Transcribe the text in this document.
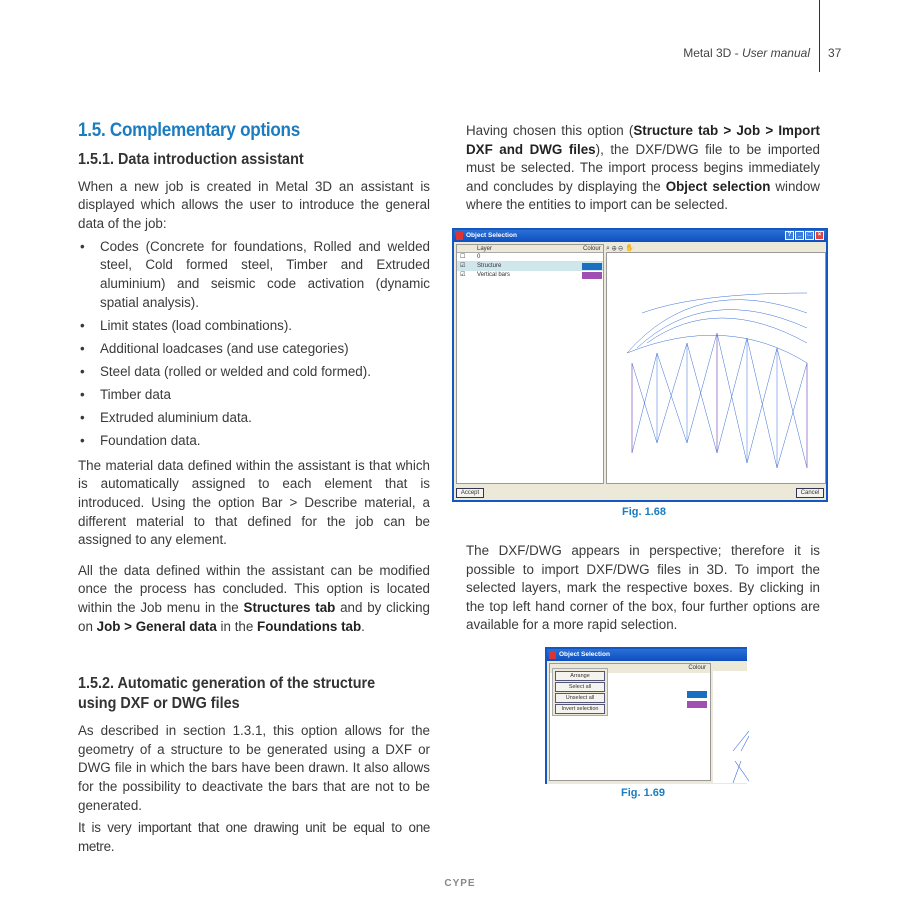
Metal 3D - User manual 37
1.5. Complementary options
1.5.1. Data introduction assistant

When a new job is created in Metal 3D an assistant is displayed which allows the user to introduce the general data of the job:

• Codes (Concrete for foundations, Rolled and welded steel, Cold formed steel, Timber and Extruded aluminium) and seismic code activation (dynamic spatial analysis).
• Limit states (load combinations).
• Additional loadcases (and use categories)
• Steel data (rolled or welded and cold formed).
• Timber data
• Extruded aluminium data.
• Foundation data.

The material data defined within the assistant is that which is automatically assigned to each element that is introduced. Using the option Bar > Describe material, a different material to that defined for the job can be assigned to any element.

All the data defined within the assistant can be modified once the process has concluded. This option is located within the Job menu in the Structures tab and by clicking on Job > General data in the Foundations tab.

1.5.2. Automatic generation of the structure using DXF or DWG files

As described in section 1.3.1, this option allows for the geometry of a structure to be generated using a DXF or DWG file in which the bars have been drawn. It also allows for the possibility to deactivate the bars that are not to be generated.

It is very important that one drawing unit be equal to one metre.

Having chosen this option (Structure tab > Job > Import DXF and DWG files), the DXF/DWG file to be imported must be selected. The import process begins immediately and concludes by displaying the Object selection window where the entities to import can be selected.

Object Selection	?	_	□	×
Layer	Colour
☐	0
☑	Structure
☑	Vertical bars
⌕ ⊕ ⊖ ✋
Accept	Cancel
Fig. 1.68

The DXF/DWG appears in perspective; therefore it is possible to import DXF/DWG files in 3D. To import the selected layers, mark the respective boxes. By clicking in the top left hand corner of the box, four further options are available for a more rapid selection.

Object Selection
Colour
Arrange
Select all
Unselect all
Invert selection
Fig. 1.69
CYPE
